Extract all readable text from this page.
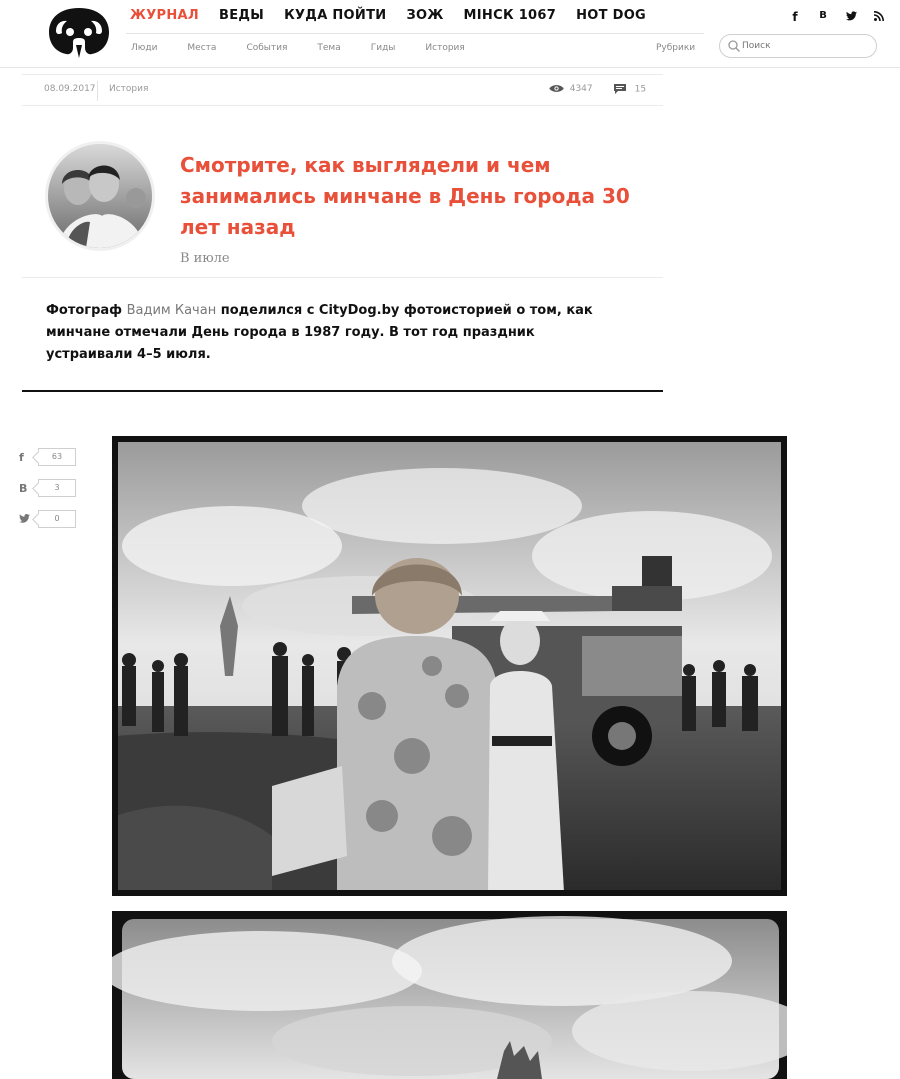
ЖУРНАЛ ВЕДЫ КУДА ПОЙТИ ЗОЖ MIНСК 1067 HOT DOG
Люди	Места	События	Тема	Гиды	История	Рубрики
f	В
Поиск
08.09.2017 История	4347	15
Смотрите, как выглядели и чем занимались минчане в День города 30 лет назад
В июле

Фотограф Вадим Качан поделился с CityDog.by фотоисторией о том, как минчане отмечали День города в 1987 году. В тот год праздник устраивали 4–5 июля.

f	63
В	3
0
